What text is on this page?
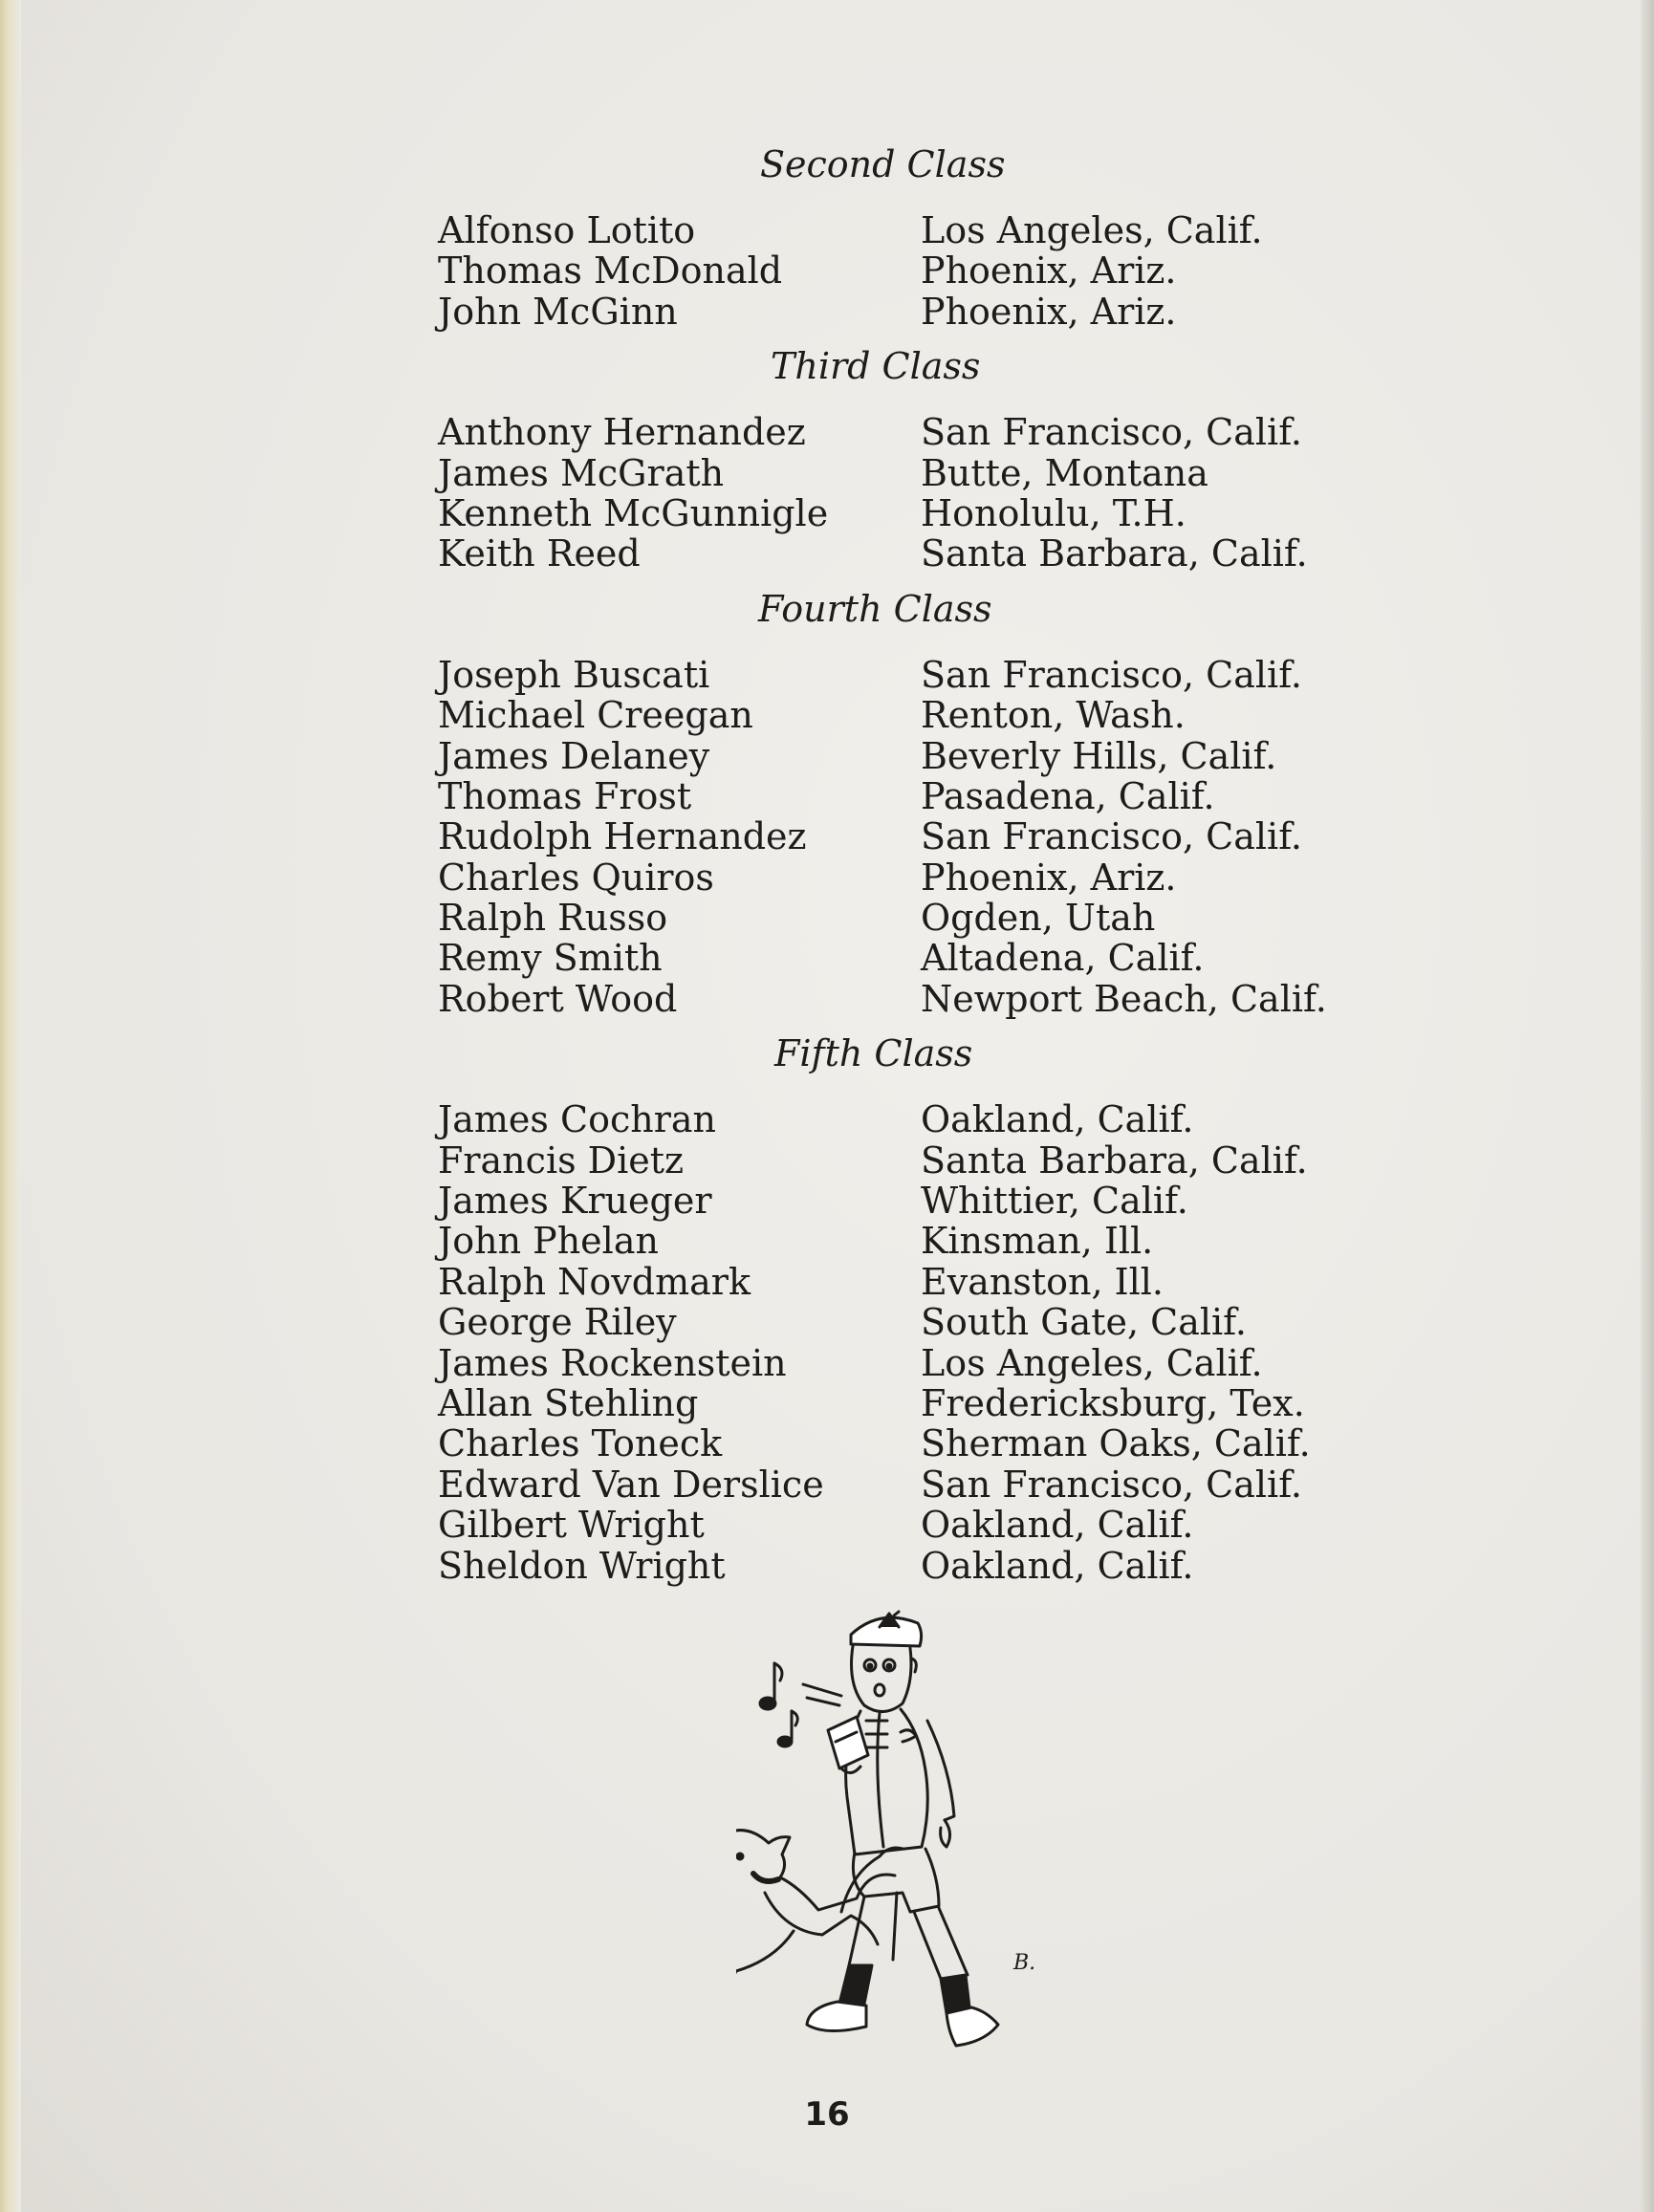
Second Class
Alfonso Lotito	Los Angeles, Calif.
Thomas McDonald	Phoenix, Ariz.
John McGinn	Phoenix, Ariz.
Third Class
Anthony Hernandez	San Francisco, Calif.
James McGrath	Butte, Montana
Kenneth McGunnigle	Honolulu, T.H.
Keith Reed	Santa Barbara, Calif.
Fourth Class
Joseph Buscati	San Francisco, Calif.
Michael Creegan	Renton, Wash.
James Delaney	Beverly Hills, Calif.
Thomas Frost	Pasadena, Calif.
Rudolph Hernandez	San Francisco, Calif.
Charles Quiros	Phoenix, Ariz.
Ralph Russo	Ogden, Utah
Remy Smith	Altadena, Calif.
Robert Wood	Newport Beach, Calif.
Fifth Class
James Cochran	Oakland, Calif.
Francis Dietz	Santa Barbara, Calif.
James Krueger	Whittier, Calif.
John Phelan	Kinsman, Ill.
Ralph Novdmark	Evanston, Ill.
George Riley	South Gate, Calif.
James Rockenstein	Los Angeles, Calif.
Allan Stehling	Fredericksburg, Tex.
Charles Toneck	Sherman Oaks, Calif.
Edward Van Derslice	San Francisco, Calif.
Gilbert Wright	Oakland, Calif.
Sheldon Wright	Oakland, Calif.
B.
16
